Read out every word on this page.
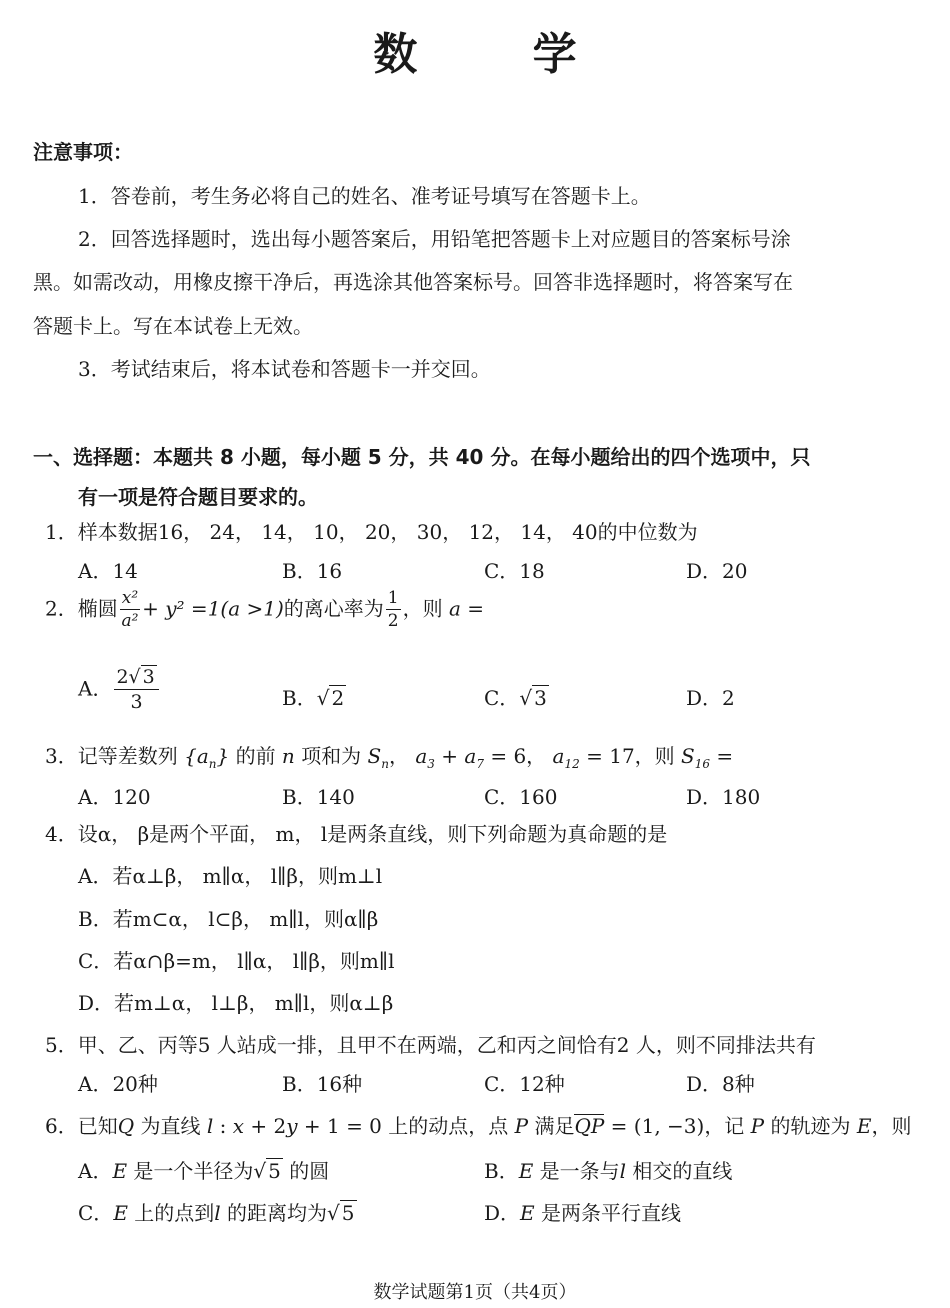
数 学
注意事项：
1．答卷前，考生务必将自己的姓名、准考证号填写在答题卡上。
2．回答选择题时，选出每小题答案后，用铅笔把答题卡上对应题目的答案标号涂
黑。如需改动，用橡皮擦干净后，再选涂其他答案标号。回答非选择题时，将答案写在
答题卡上。写在本试卷上无效。
3．考试结束后，将本试卷和答题卡一并交回。
一、选择题：本题共 8 小题，每小题 5 分，共 40 分。在每小题给出的四个选项中，只
有一项是符合题目要求的。
1．样本数据16， 24， 14， 10， 20， 30， 12， 14， 40的中位数为
A．14	B．16	C．18	D．20
2．椭圆 $\frac{\text{x²}}{\text{a²}} + y^2 =1(a >1)$的离心率为 $\frac{1}{2}$ ，则 a =
A． $\frac{2√ 3}{3}$	B．√ 2	C．√ 3	D．2
3．记等差数列 $\{a_n\}$ 的前 n 项和为 $S_n$， $a_3 + a_7 = 6$， $a_{12} = 17$，则 $S_{16}$ =
A．120	B．140	C．160	D．180
4．设α， β是两个平面， m， l是两条直线，则下列命题为真命题的是
A．若α⊥β， m∥α， l∥β，则m⊥l
B．若m⊂α， l⊂β， m∥l，则α∥β
C．若α∩β=m， l∥α， l∥β，则m∥l
D．若m⊥α， l⊥β， m∥l，则α⊥β
5．甲、乙、丙等5 人站成一排，且甲不在两端，乙和丙之间恰有2 人，则不同排法共有
A．20种	B．16种	C．12种	D．8种
6．已知Q 为直线 l : x + 2y + 1 = 0 上的动点，点 P 满足QP = (1, −3)，记 P 的轨迹为 E，则
A．E 是一个半径为√ 5 的圆	B．E 是一条与l 相交的直线
C．E 上的点到l 的距离均为√ 5	D．E 是两条平行直线
数学试题第1页（共4页）
